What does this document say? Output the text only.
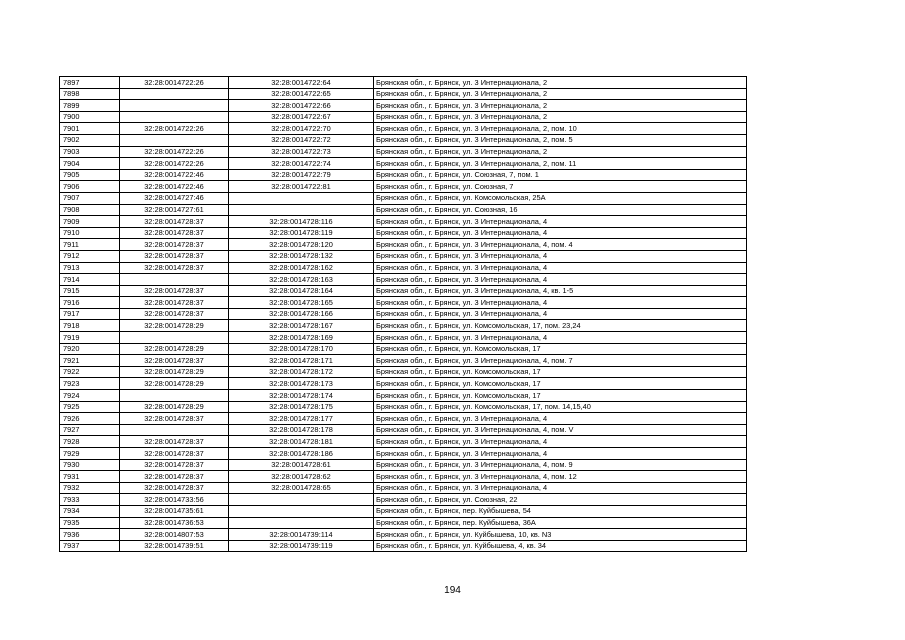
7897	32:28:0014722:26	32:28:0014722:64	Брянская обл., г. Брянск, ул. 3 Интернационала, 2
7898		32:28:0014722:65	Брянская обл., г. Брянск, ул. 3 Интернационала, 2
7899		32:28:0014722:66	Брянская обл., г. Брянск, ул. 3 Интернационала, 2
7900		32:28:0014722:67	Брянская обл., г. Брянск, ул. 3 Интернационала, 2
7901	32:28:0014722:26	32:28:0014722:70	Брянская обл., г. Брянск, ул. 3 Интернационала, 2, пом. 10
7902		32:28:0014722:72	Брянская обл., г. Брянск, ул. 3 Интернационала, 2, пом. 5
7903	32:28:0014722:26	32:28:0014722:73	Брянская обл., г. Брянск, ул. 3 Интернационала, 2
7904	32:28:0014722:26	32:28:0014722:74	Брянская обл., г. Брянск, ул. 3 Интернационала, 2, пом. 11
7905	32:28:0014722:46	32:28:0014722:79	Брянская обл., г. Брянск, ул. Союзная, 7, пом. 1
7906	32:28:0014722:46	32:28:0014722:81	Брянская обл., г. Брянск, ул. Союзная, 7
7907	32:28:0014727:46		Брянская обл., г. Брянск, ул. Комсомольская, 25А
7908	32:28:0014727:61		Брянская обл., г. Брянск, ул. Союзная, 16
7909	32:28:0014728:37	32:28:0014728:116	Брянская обл., г. Брянск, ул. 3 Интернационала, 4
7910	32:28:0014728:37	32:28:0014728:119	Брянская обл., г. Брянск, ул. 3 Интернационала, 4
7911	32:28:0014728:37	32:28:0014728:120	Брянская обл., г. Брянск, ул. 3 Интернационала, 4, пом. 4
7912	32:28:0014728:37	32:28:0014728:132	Брянская обл., г. Брянск, ул. 3 Интернационала, 4
7913	32:28:0014728:37	32:28:0014728:162	Брянская обл., г. Брянск, ул. 3 Интернационала, 4
7914		32:28:0014728:163	Брянская обл., г. Брянск, ул. 3 Интернационала, 4
7915	32:28:0014728:37	32:28:0014728:164	Брянская обл., г. Брянск, ул. 3 Интернационала, 4, кв. 1-5
7916	32:28:0014728:37	32:28:0014728:165	Брянская обл., г. Брянск, ул. 3 Интернационала, 4
7917	32:28:0014728:37	32:28:0014728:166	Брянская обл., г. Брянск, ул. 3 Интернационала, 4
7918	32:28:0014728:29	32:28:0014728:167	Брянская обл., г. Брянск, ул. Комсомольская, 17, пом. 23,24
7919		32:28:0014728:169	Брянская обл., г. Брянск, ул. 3 Интернационала, 4
7920	32:28:0014728:29	32:28:0014728:170	Брянская обл., г. Брянск, ул. Комсомольская, 17
7921	32:28:0014728:37	32:28:0014728:171	Брянская обл., г. Брянск, ул. 3 Интернационала, 4, пом. 7
7922	32:28:0014728:29	32:28:0014728:172	Брянская обл., г. Брянск, ул. Комсомольская, 17
7923	32:28:0014728:29	32:28:0014728:173	Брянская обл., г. Брянск, ул. Комсомольская, 17
7924		32:28:0014728:174	Брянская обл., г. Брянск, ул. Комсомольская, 17
7925	32:28:0014728:29	32:28:0014728:175	Брянская обл., г. Брянск, ул. Комсомольская, 17, пом. 14,15,40
7926	32:28:0014728:37	32:28:0014728:177	Брянская обл., г. Брянск, ул. 3 Интернационала, 4
7927		32:28:0014728:178	Брянская обл., г. Брянск, ул. 3 Интернационала, 4, пом. V
7928	32:28:0014728:37	32:28:0014728:181	Брянская обл., г. Брянск, ул. 3 Интернационала, 4
7929	32:28:0014728:37	32:28:0014728:186	Брянская обл., г. Брянск, ул. 3 Интернационала, 4
7930	32:28:0014728:37	32:28:0014728:61	Брянская обл., г. Брянск, ул. 3 Интернационала, 4, пом. 9
7931	32:28:0014728:37	32:28:0014728:62	Брянская обл., г. Брянск, ул. 3 Интернационала, 4, пом. 12
7932	32:28:0014728:37	32:28:0014728:65	Брянская обл., г. Брянск, ул. 3 Интернационала, 4
7933	32:28:0014733:56		Брянская обл., г. Брянск, ул. Союзная, 22
7934	32:28:0014735:61		Брянская обл., г. Брянск, пер. Куйбышева, 54
7935	32:28:0014736:53		Брянская обл., г. Брянск, пер. Куйбышева, 36А
7936	32:28:0014807:53	32:28:0014739:114	Брянская обл., г. Брянск, ул. Куйбышева, 10, кв. N3
7937	32:28:0014739:51	32:28:0014739:119	Брянская обл., г. Брянск, ул. Куйбышева, 4, кв. 34
194
